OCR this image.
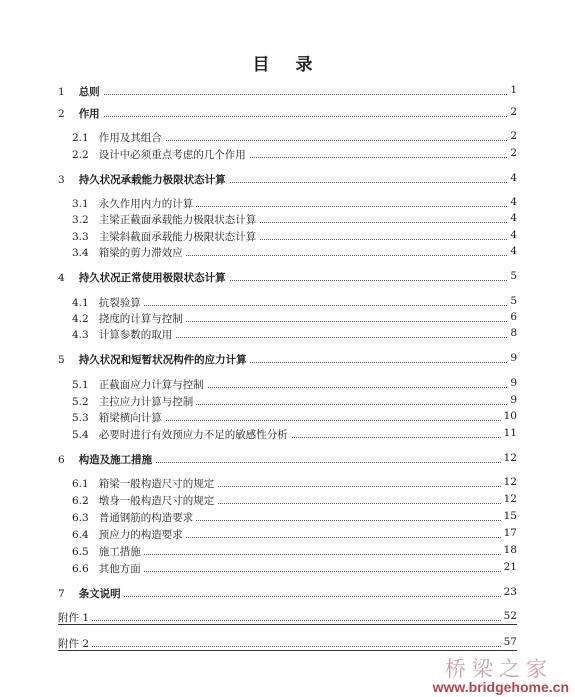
目 录
1 总则	1
2 作用	2
2.1 作用及其组合	2
2.2 设计中必须重点考虑的几个作用	2
3 持久状况承载能力极限状态计算	4
3.1 永久作用内力的计算	4
3.2 主梁正截面承载能力极限状态计算	4
3.3 主梁斜截面承载能力极限状态计算	4
3.4 箱梁的剪力滞效应	4
4 持久状况正常使用极限状态计算	5
4.1 抗裂验算	5
4.2 挠度的计算与控制	6
4.3 计算参数的取用	8
5 持久状况和短暂状况构件的应力计算	9
5.1 正截面应力计算与控制	9
5.2 主拉应力计算与控制	9
5.3 箱梁横向计算	10
5.4 必要时进行有效预应力不足的敏感性分析	11
6 构造及施工措施	12
6.1 箱梁一般构造尺寸的规定	12
6.2 墩身一般构造尺寸的规定	12
6.3 普通钢筋的构造要求	15
6.4 预应力的构造要求	17
6.5 施工措施	18
6.6 其他方面	21
7 条文说明	23
附件 1	52
附件 2	57
桥梁之家
www.bridgehome.cn
